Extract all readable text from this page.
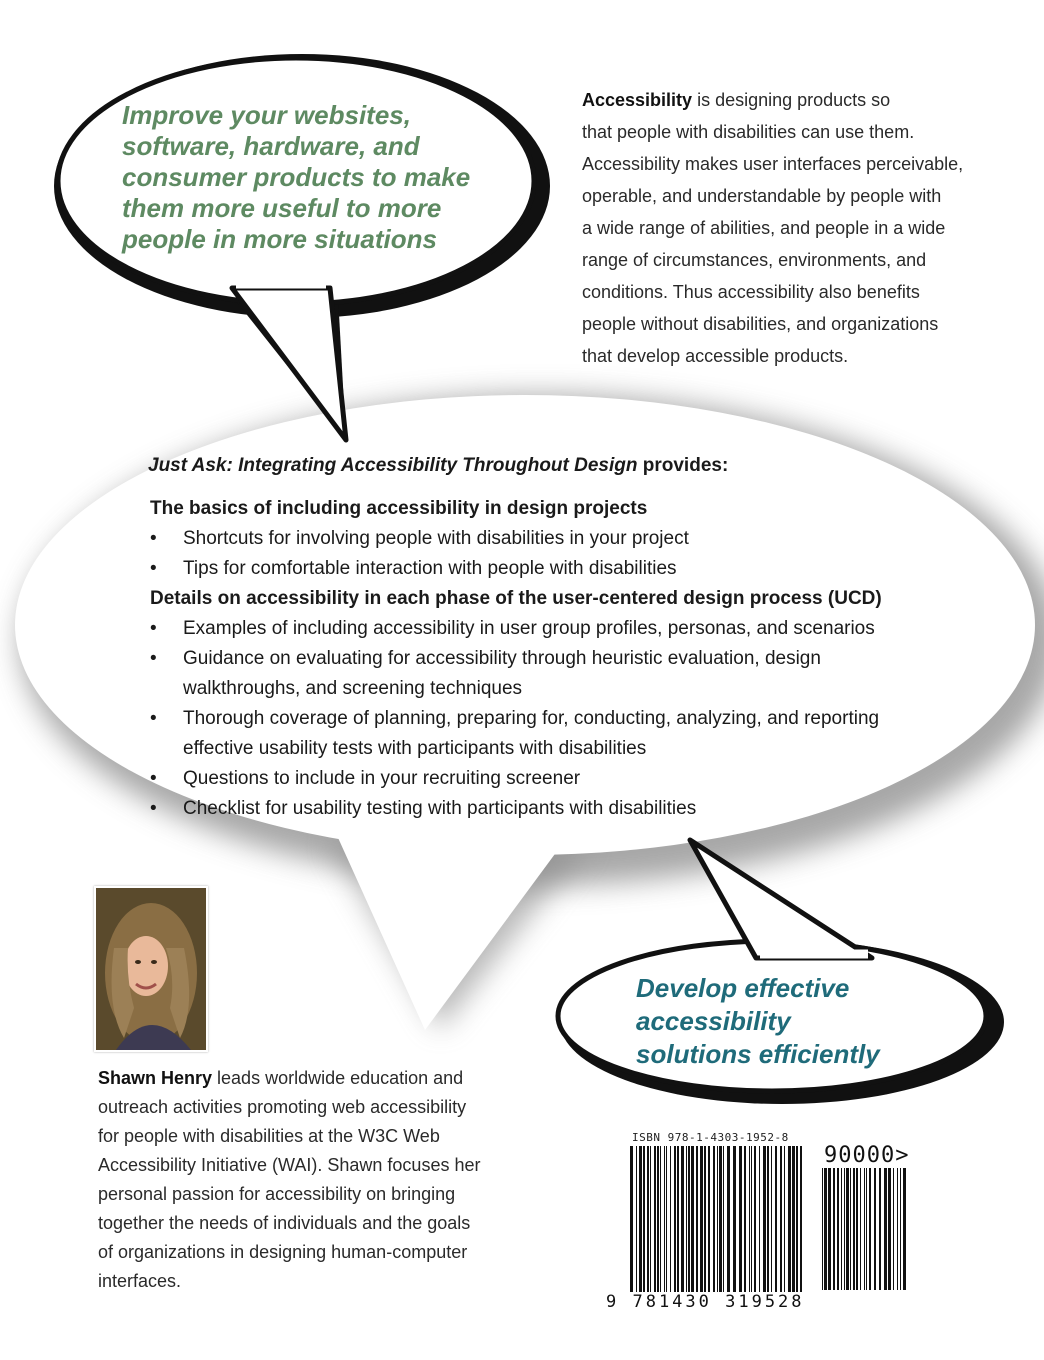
Improve your websites,
software, hardware, and
consumer products to make
them more useful to more
people in more situations
Accessibility is designing products so
that people with disabilities can use them.
Accessibility makes user interfaces perceivable,
operable, and understandable by people with
a wide range of abilities, and people in a wide
range of circumstances, environments, and
conditions. Thus accessibility also benefits
people without disabilities, and organizations
that develop accessible products.
Just Ask: Integrating Accessibility Throughout Design provides:
The basics of including accessibility in design projects
• Shortcuts for involving people with disabilities in your project
• Tips for comfortable interaction with people with disabilities
Details on accessibility in each phase of the user-centered design process (UCD)
• Examples of including accessibility in user group profiles, personas, and scenarios
• Guidance on evaluating for accessibility through heuristic evaluation, design
walkthroughs, and screening techniques
• Thorough coverage of planning, preparing for, conducting, analyzing, and reporting
effective usability tests with participants with disabilities
• Questions to include in your recruiting screener
• Checklist for usability testing with participants with disabilities
Develop effective
accessibility
solutions efficiently
Shawn Henry leads worldwide education and
outreach activities promoting web accessibility
for people with disabilities at the W3C Web
Accessibility Initiative (WAI). Shawn focuses her
personal passion for accessibility on bringing
together the needs of individuals and the goals
of organizations in designing human-computer
interfaces.
ISBN 978-1-4303-1952-8
90000>
9 781430 319528
